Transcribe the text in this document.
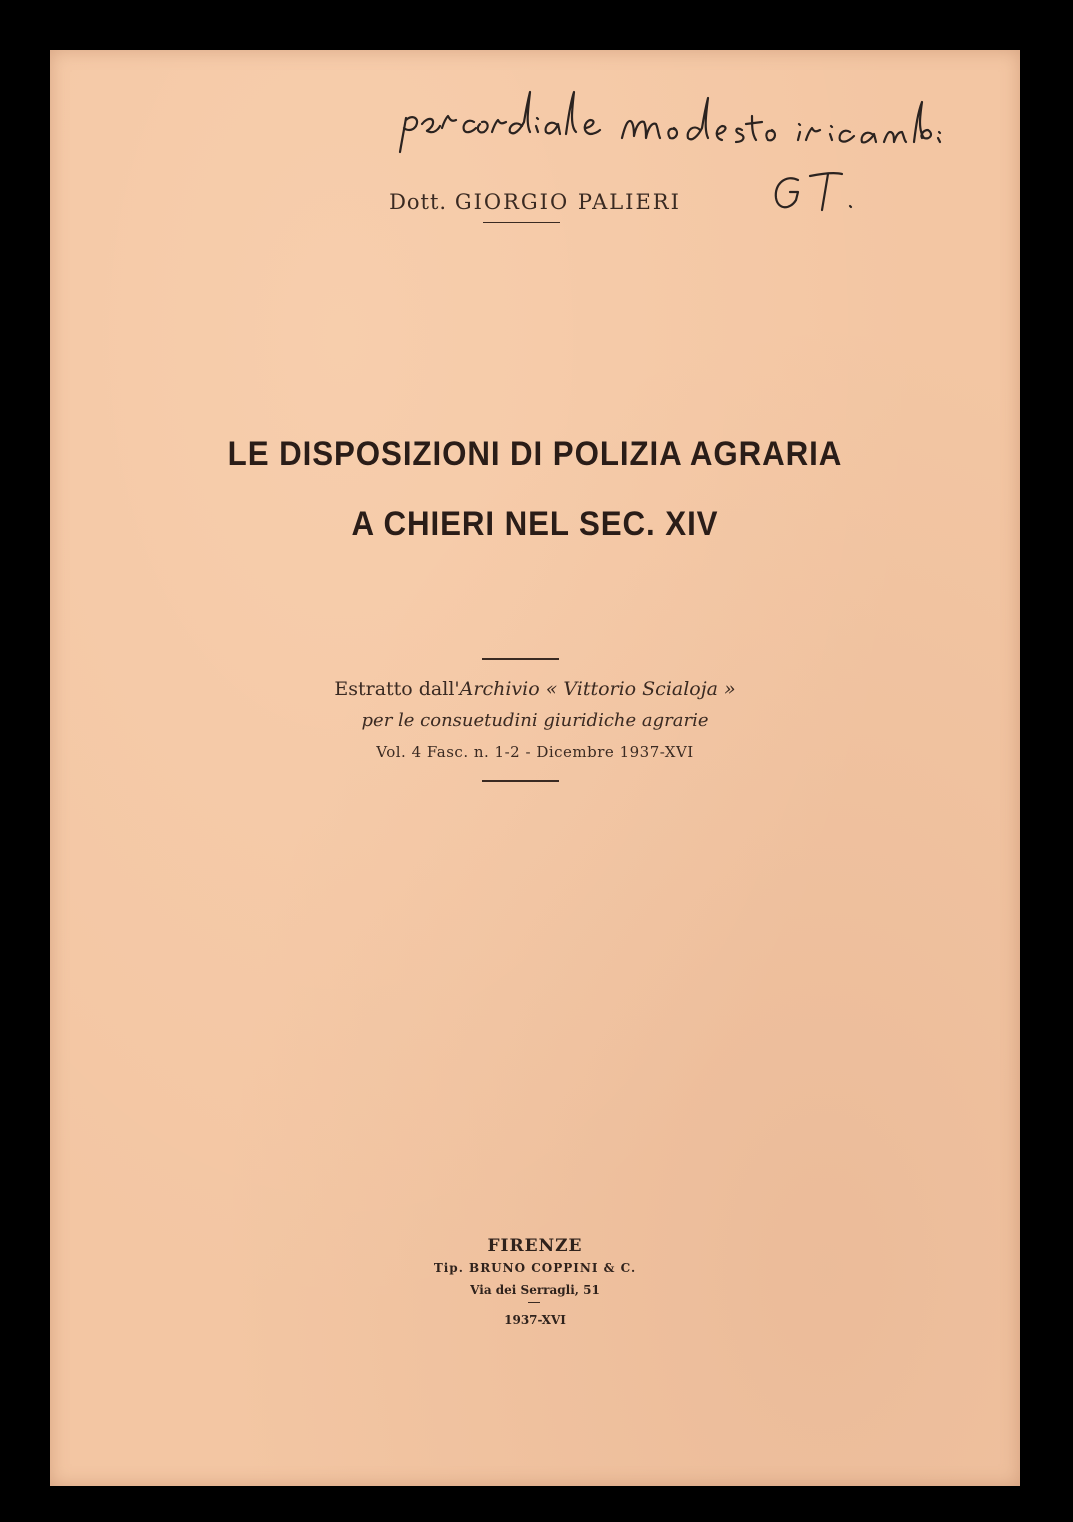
Dott. GIORGIO PALIERI
LE DISPOSIZIONI DI POLIZIA AGRARIA
A CHIERI NEL SEC. XIV
Estratto dall'Archivio « Vittorio Scialoja »
per le consuetudini giuridiche agrarie
Vol. 4 Fasc. n. 1-2 - Dicembre 1937-XVI
FIRENZE
Tip. BRUNO COPPINI & C.
Via dei Serragli, 51
1937-XVI
